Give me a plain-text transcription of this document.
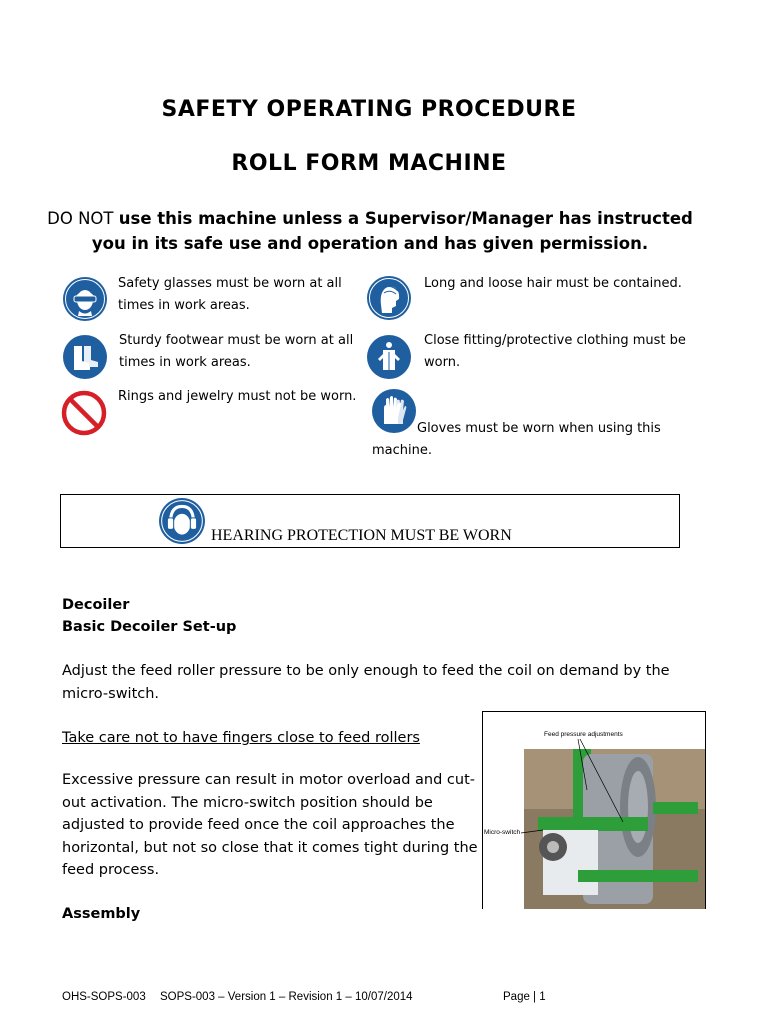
SAFETY OPERATING PROCEDURE
ROLL FORM MACHINE
DO NOT use this machine unless a Supervisor/Manager has instructed
you in its safe use and operation and has given permission.
Safety glasses must be worn at all
times in work areas.
Sturdy footwear must be worn at all
times in work areas.
Rings and jewelry must not be worn.
Long and loose hair must be contained.
Close fitting/protective clothing must be
worn.
Gloves must be worn when using this
machine.
HEARING PROTECTION MUST BE WORN
Decoiler
Basic Decoiler Set-up
Adjust the feed roller pressure to be only enough to feed the coil on demand by the
micro-switch.
Take care not to have fingers close to feed rollers
Excessive pressure can result in motor overload and cut-
out activation. The micro-switch position should be
adjusted to provide feed once the coil approaches the
horizontal, but not so close that it comes tight during the
feed process.
Assembly
Feed pressure adjustments
Micro-switch
OHS-SOPS-003 SOPS-003 – Version 1 – Revision 1 – 10/07/2014	Page | 1
